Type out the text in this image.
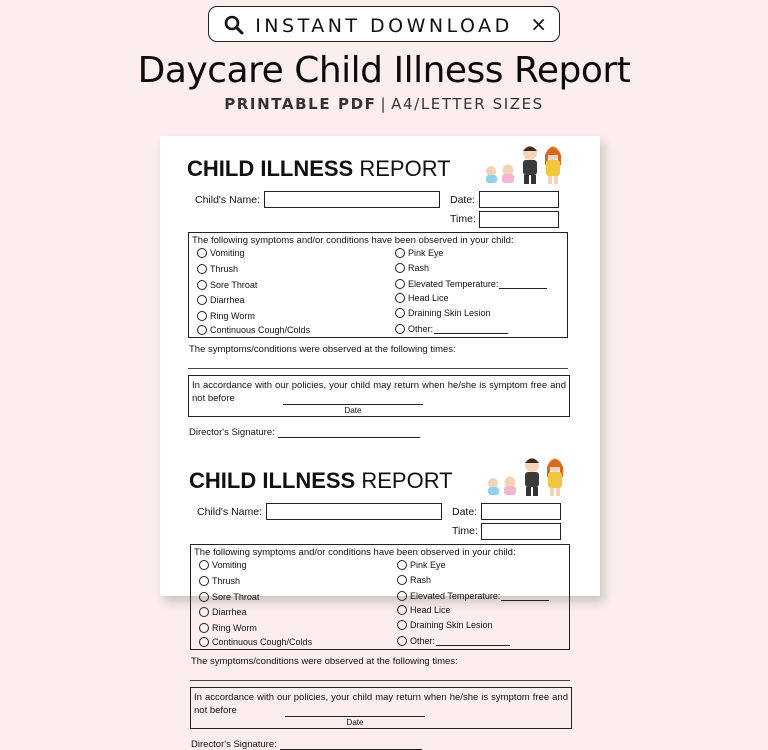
INSTANT DOWNLOAD ×
Daycare Child Illness Report
PRINTABLE PDF | A4/LETTER SIZES
CHILD ILLNESS REPORT
Child's Name:	Date:
Time:
The following symptoms and/or conditions have been observed in your child:
Vomiting
Thrush
Sore Throat
Diarrhea
Ring Worm
Continuous Cough/Colds
Pink Eye
Rash
Elevated Temperature:
Head Lice
Draining Skin Lesion
Other:
The symptoms/conditions were observed at the following times:
In accordance with our policies, your child may return when he/she is symptom free and not before
Date
Director's Signature:
CHILD ILLNESS REPORT
Child's Name:	Date:
Time:
The following symptoms and/or conditions have been observed in your child:
Vomiting
Thrush
Sore Throat
Diarrhea
Ring Worm
Continuous Cough/Colds
Pink Eye
Rash
Elevated Temperature:
Head Lice
Draining Skin Lesion
Other:
The symptoms/conditions were observed at the following times:
In accordance with our policies, your child may return when he/she is symptom free and not before
Date
Director's Signature:
